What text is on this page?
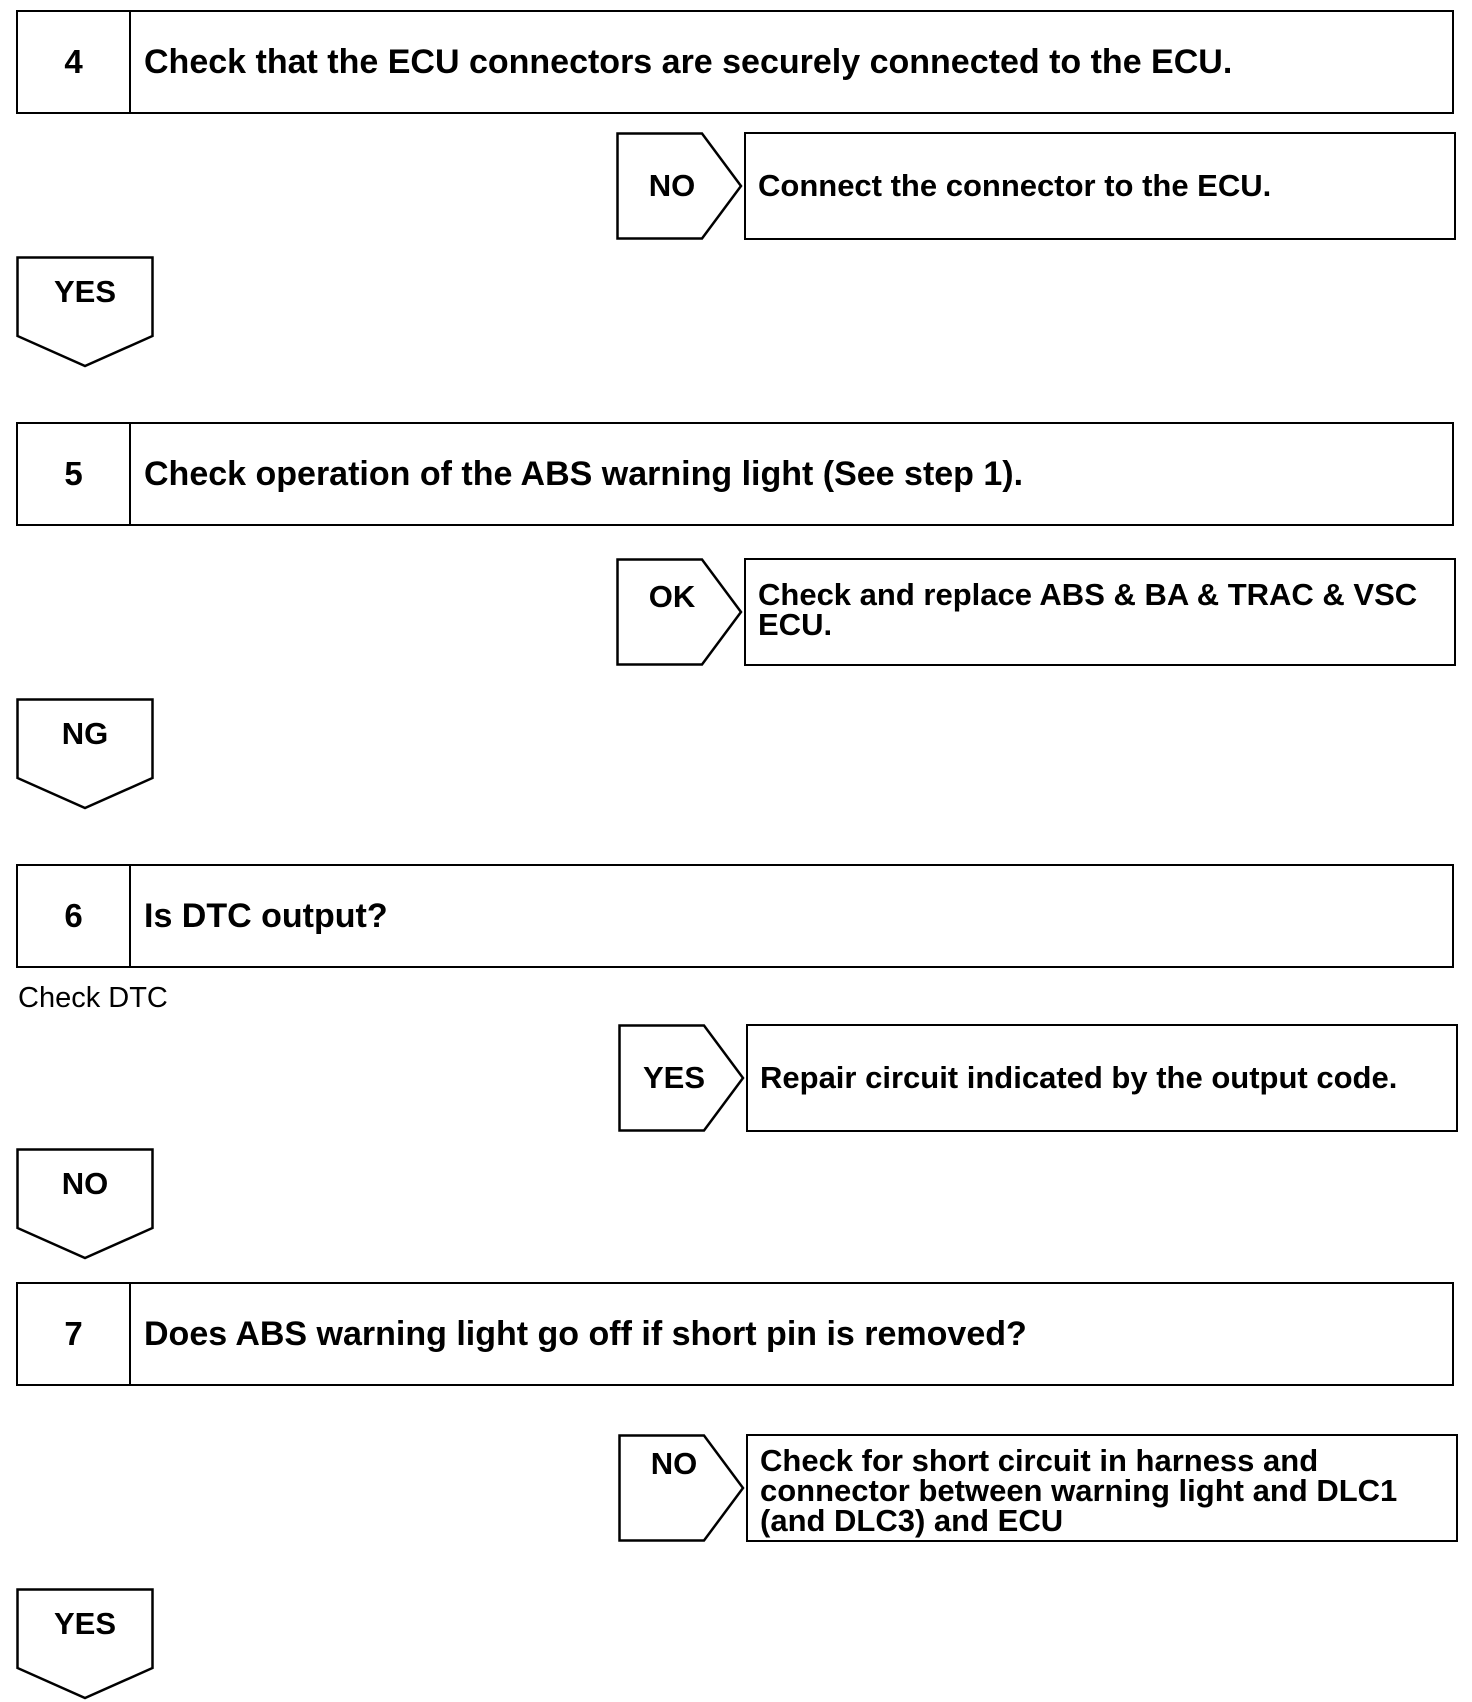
4	Check that the ECU connectors are securely connected to the ECU.
NO	Connect the connector to the ECU.
YES
5	Check operation of the ABS warning light (See step 1).
OK	Check and replace ABS & BA & TRAC & VSC ECU.
NG
6	Is DTC output?
Check DTC
YES	Repair circuit indicated by the output code.
NO
7	Does ABS warning light go off if short pin is removed?
NO	Check for short circuit in harness and connector between warning light and DLC1 (and DLC3) and ECU
YES
